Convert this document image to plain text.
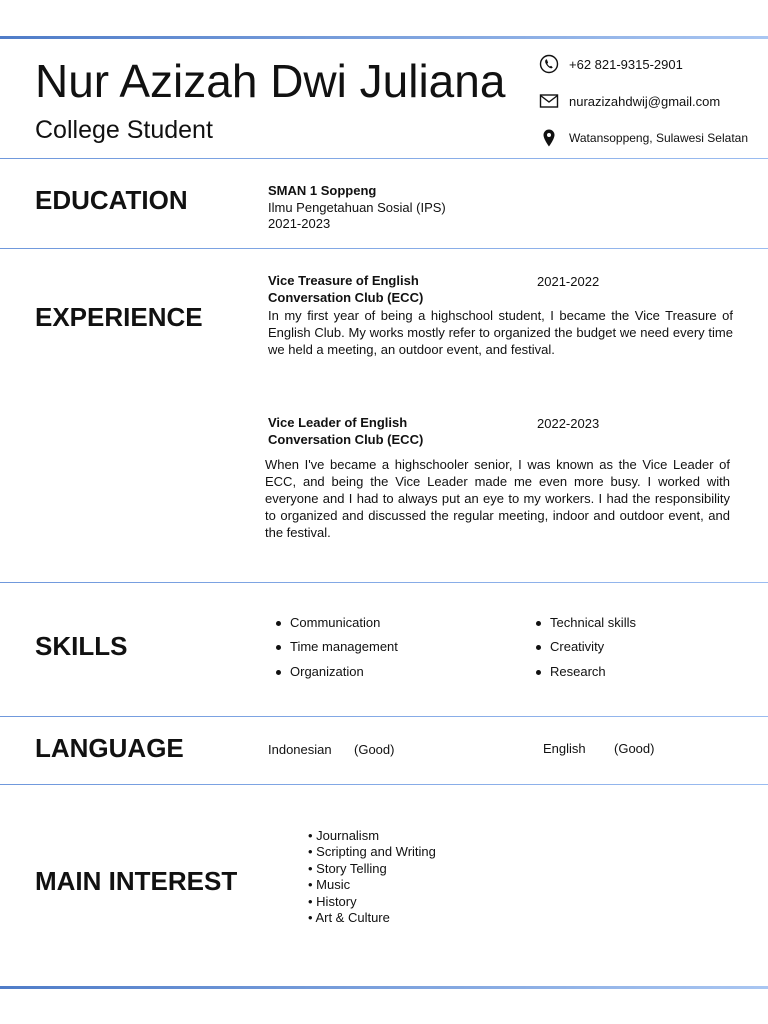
Nur Azizah Dwi Juliana
College Student
+62 821-9315-2901
nurazizahdwij@gmail.com
Watansoppeng, Sulawesi Selatan
EDUCATION	SMAN 1 Soppeng
Ilmu Pengetahuan Sosial (IPS)
2021-2023
EXPERIENCE
Vice Treasure of English
Conversation Club (ECC)
2021-2022
In my first year of being a highschool student, I became the Vice Treasure of English Club. My works mostly refer to organized the budget we need every time we held a meeting, an outdoor event, and festival.
Vice Leader of English
Conversation Club (ECC)
2022-2023
When I've became a highschooler senior, I was known as the Vice Leader of ECC, and being the Vice Leader made me even more busy. I worked with everyone and I had to always put an eye to my workers. I had the responsibility to organized and discussed the regular meeting, indoor and outdoor event, and the festival.
SKILLS
Communication
Time management
Organization
Technical skills
Creativity
Research
LANGUAGE	Indonesian (Good)	English (Good)
MAIN INTEREST
• Journalism
• Scripting and Writing
• Story Telling
• Music
• History
• Art & Culture
